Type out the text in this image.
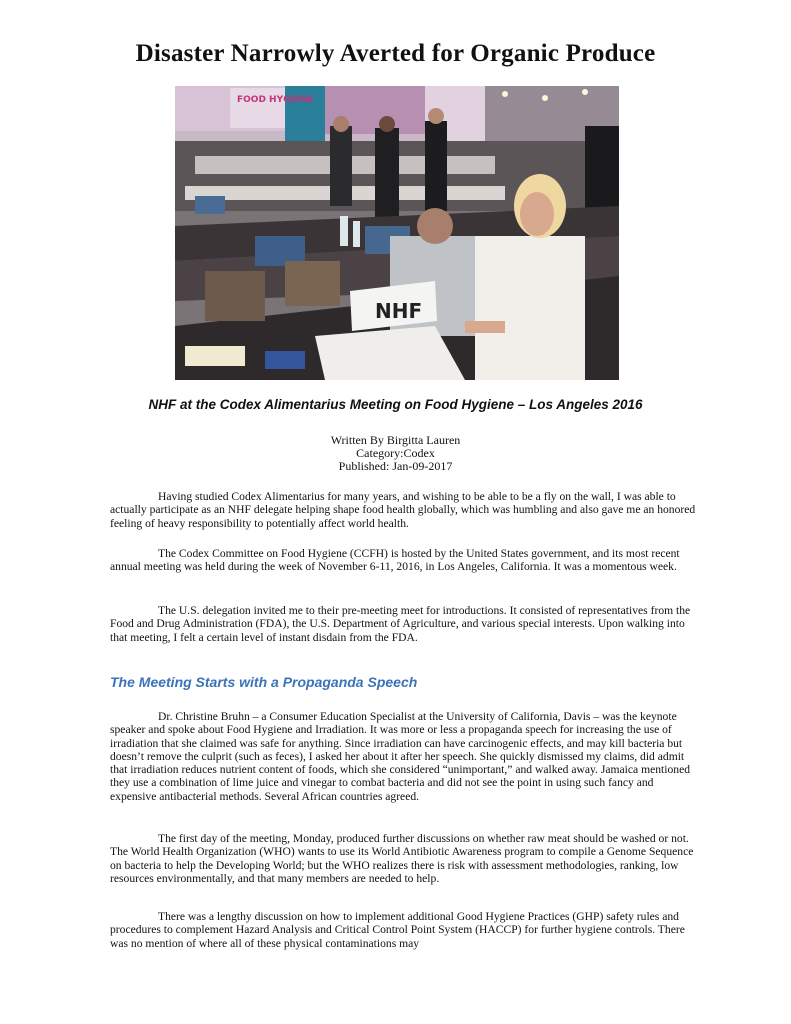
Disaster Narrowly Averted for Organic Produce
FOOD HYGIENE
NHF
NHF at the Codex Alimentarius Meeting on Food Hygiene – Los Angeles 2016
Written By Birgitta Lauren
Category:Codex
Published: Jan-09-2017

Having studied Codex Alimentarius for many years, and wishing to be able to be a fly on the wall, I was able to actually participate as an NHF delegate helping shape food health globally, which was humbling and also gave me an honored feeling of heavy responsibility to potentially affect world health.

The Codex Committee on Food Hygiene (CCFH) is hosted by the United States government, and its most recent annual meeting was held during the week of November 6-11, 2016, in Los Angeles, California. It was a momentous week.

The U.S. delegation invited me to their pre-meeting meet for introductions. It consisted of representatives from the Food and Drug Administration (FDA), the U.S. Department of Agriculture, and various special interests. Upon walking into that meeting, I felt a certain level of instant disdain from the FDA.

The Meeting Starts with a Propaganda Speech

Dr. Christine Bruhn – a Consumer Education Specialist at the University of California, Davis – was the keynote speaker and spoke about Food Hygiene and Irradiation. It was more or less a propaganda speech for increasing the use of irradiation that she claimed was safe for anything. Since irradiation can have carcinogenic effects, and may kill bacteria but doesn’t remove the culprit (such as feces), I asked her about it after her speech. She quickly dismissed my claims, did admit that irradiation reduces nutrient content of foods, which she considered “unimportant,” and walked away. Jamaica mentioned they use a combination of lime juice and vinegar to combat bacteria and did not see the point in using such fancy and expensive antibacterial methods. Several African countries agreed.

The first day of the meeting, Monday, produced further discussions on whether raw meat should be washed or not. The World Health Organization (WHO) wants to use its World Antibiotic Awareness program to compile a Genome Sequence on bacteria to help the Developing World; but the WHO realizes there is risk with assessment methodologies, ranking, low resources environmentally, and that many members are needed to help.

There was a lengthy discussion on how to implement additional Good Hygiene Practices (GHP) safety rules and procedures to complement Hazard Analysis and Critical Control Point System (HACCP) for further hygiene controls. There was no mention of where all of these physical contaminations may
